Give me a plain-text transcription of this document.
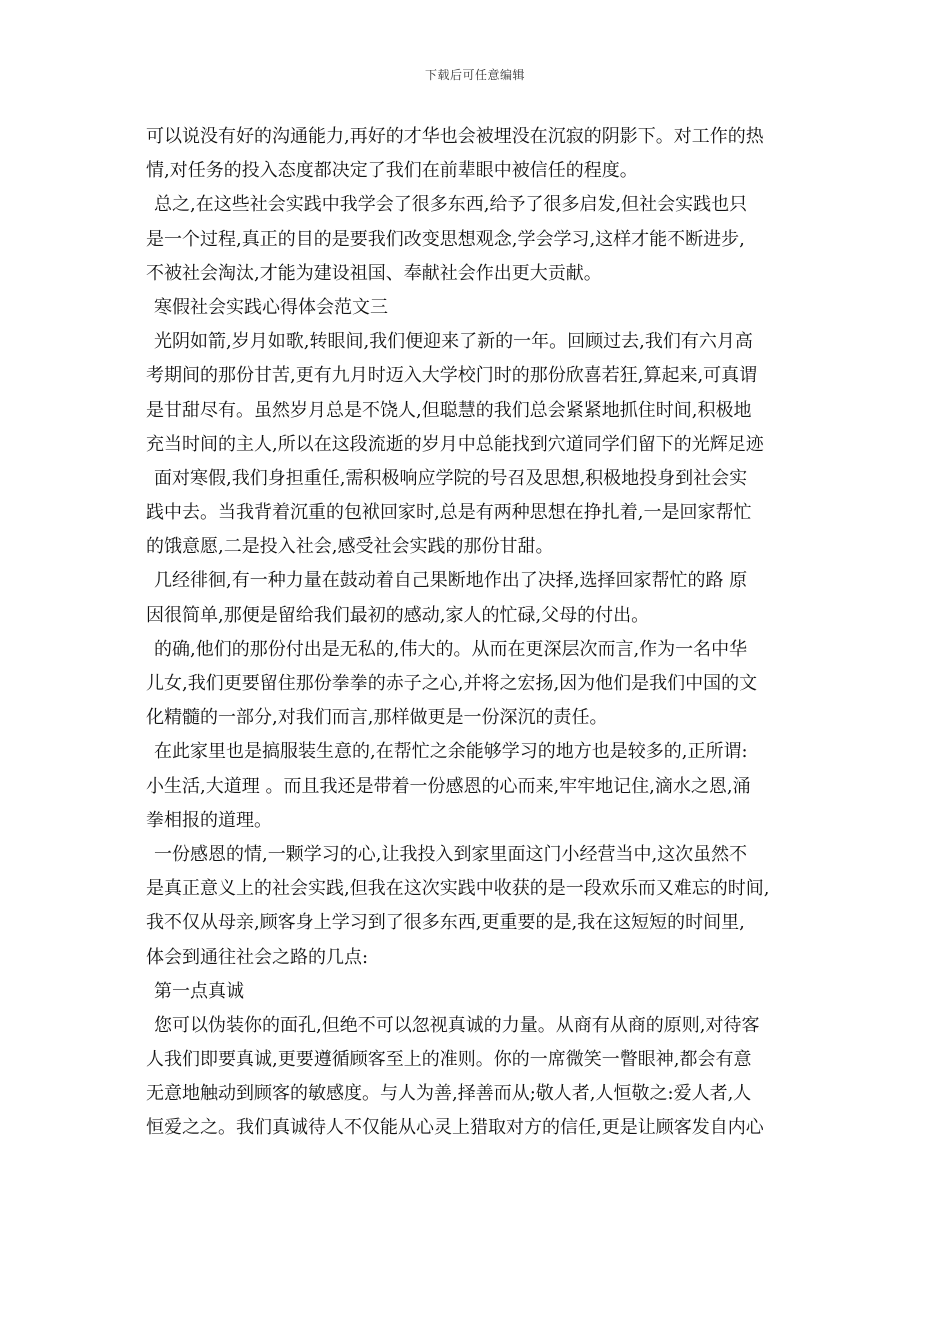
下载后可任意编辑
可以说没有好的沟通能力,再好的才华也会被埋没在沉寂的阴影下。对工作的热
情,对任务的投入态度都决定了我们在前辈眼中被信任的程度。
总之,在这些社会实践中我学会了很多东西,给予了很多启发,但社会实践也只
是一个过程,真正的目的是要我们改变思想观念,学会学习,这样才能不断进步,
不被社会淘汰,才能为建设祖国、奉献社会作出更大贡献。
寒假社会实践心得体会范文三
光阴如箭,岁月如歌,转眼间,我们便迎来了新的一年。回顾过去,我们有六月高
考期间的那份甘苦,更有九月时迈入大学校门时的那份欣喜若狂,算起来,可真谓
是甘甜尽有。虽然岁月总是不饶人,但聪慧的我们总会紧紧地抓住时间,积极地
充当时间的主人,所以在这段流逝的岁月中总能找到穴道同学们留下的光辉足迹
面对寒假,我们身担重任,需积极响应学院的号召及思想,积极地投身到社会实
践中去。当我背着沉重的包袱回家时,总是有两种思想在挣扎着,一是回家帮忙
的饿意愿,二是投入社会,感受社会实践的那份甘甜。
几经徘徊,有一种力量在鼓动着自己果断地作出了决择,选择回家帮忙的路 原
因很简单,那便是留给我们最初的感动,家人的忙碌,父母的付出。
的确,他们的那份付出是无私的,伟大的。从而在更深层次而言,作为一名中华
儿女,我们更要留住那份拳拳的赤子之心,并将之宏扬,因为他们是我们中国的文
化精髓的一部分,对我们而言,那样做更是一份深沉的责任。
在此家里也是搞服装生意的,在帮忙之余能够学习的地方也是较多的,正所谓:
小生活,大道理 。而且我还是带着一份感恩的心而来,牢牢地记住,滴水之恩,涌
拳相报的道理。
一份感恩的情,一颗学习的心,让我投入到家里面这门小经营当中,这次虽然不
是真正意义上的社会实践,但我在这次实践中收获的是一段欢乐而又难忘的时间,
我不仅从母亲,顾客身上学习到了很多东西,更重要的是,我在这短短的时间里,
体会到通往社会之路的几点:
第一点真诚
您可以伪装你的面孔,但绝不可以忽视真诚的力量。从商有从商的原则,对待客
人我们即要真诚,更要遵循顾客至上的准则。你的一席微笑一瞥眼神,都会有意
无意地触动到顾客的敏感度。与人为善,择善而从;敬人者,人恒敬之:爱人者,人
恒爱之之。我们真诚待人不仅能从心灵上猎取对方的信任,更是让顾客发自内心
